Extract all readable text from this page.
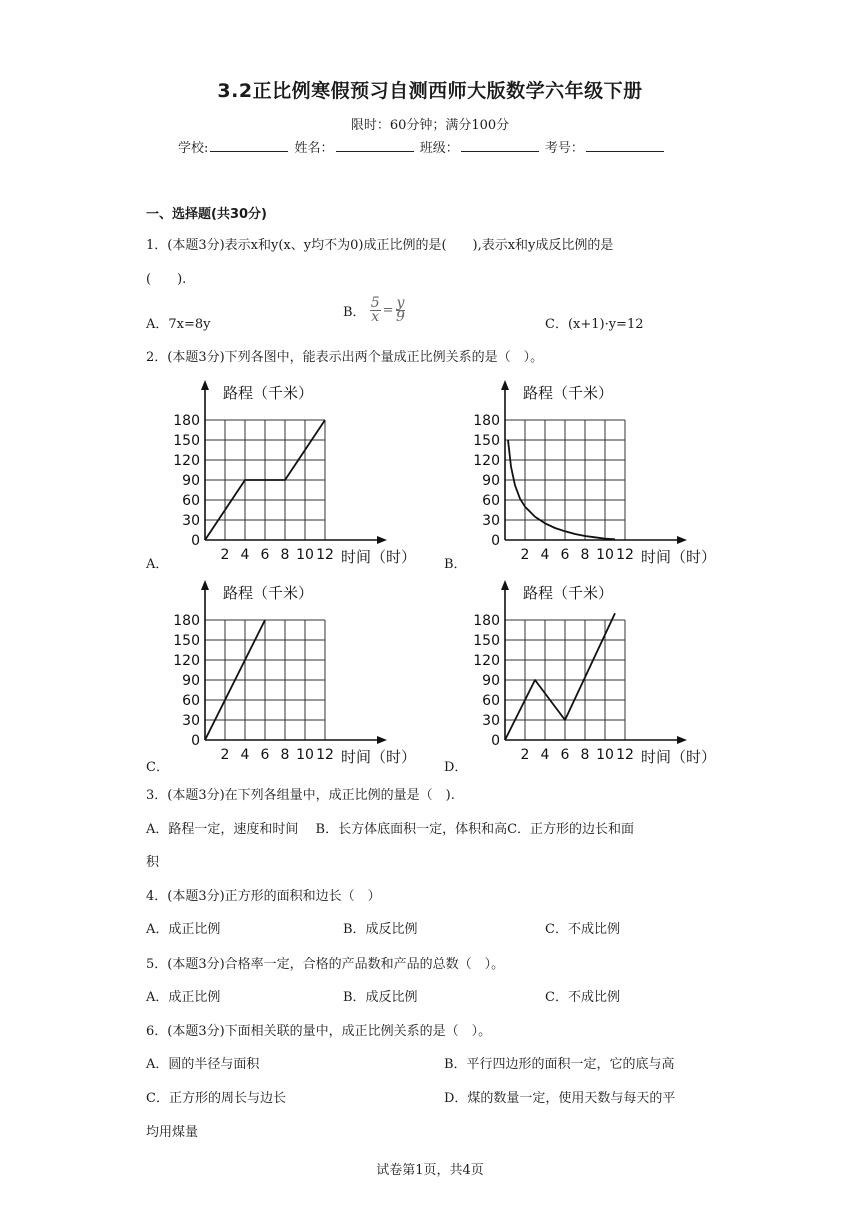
3.2正比例寒假预习自测西师大版数学六年级下册
限时：60分钟；满分100分
学校:	姓名：	班级：	考号：
一、选择题(共30分)
1．(本题3分)表示x和y(x、y均不为0)成正比例的是(　　),表示x和y成反比例的是
(　　).
A．7x=8y
B． $\frac{5}{x} = \frac{y}{9}$
C．(x+1)·y=12
2．(本题3分)下列各图中，能表示出两个量成正比例关系的是（　）。
A．	B．
C．	D．
0
30
60
90
120
150
180
2 4 6 8 10 12
路程（千米）
时间（时）
0
30
60
90
120
150
180
2 4 6 8 10 12
路程（千米）
时间（时）
0
30
60
90
120
150
180
2 4 6 8 10 12
路程（千米）
时间（时）
0
30
60
90
120
150
180
2 4 6 8 10 12
路程（千米）
时间（时）
3．(本题3分)在下列各组量中，成正比例的量是（　).
A．路程一定，速度和时间　 B．长方体底面积一定，体积和高C．正方形的边长和面
积
4．(本题3分)正方形的面积和边长（　）
A．成正比例	B．成反比例	C．不成比例
5．(本题3分)合格率一定，合格的产品数和产品的总数（　）。
A．成正比例	B．成反比例	C．不成比例
6．(本题3分)下面相关联的量中，成正比例关系的是（　）。
A．圆的半径与面积	B．平行四边形的面积一定，它的底与高
C．正方形的周长与边长	D．煤的数量一定，使用天数与每天的平
均用煤量
试卷第1页，共4页
